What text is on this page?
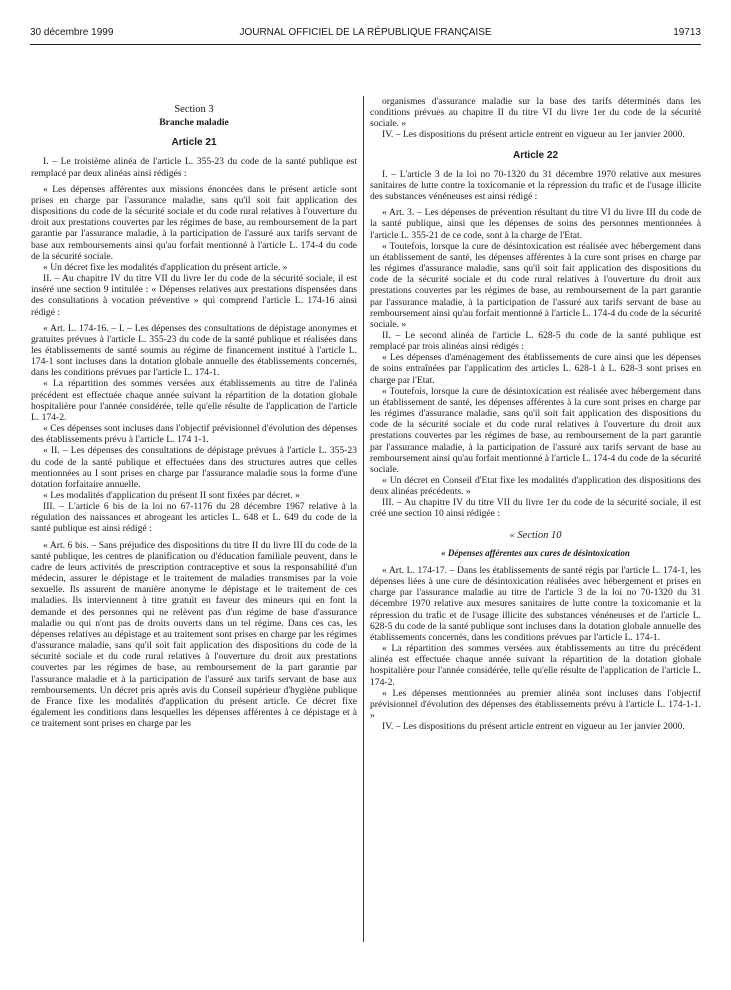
30 décembre 1999	JOURNAL OFFICIEL DE LA RÉPUBLIQUE FRANÇAISE	19713
Section 3
Branche maladie
Article 21

I. – Le troisième alinéa de l'article L. 355-23 du code de la santé publique est remplacé par deux alinéas ainsi rédigés :

« Les dépenses afférentes aux missions énoncées dans le présent article sont prises en charge par l'assurance maladie, sans qu'il soit fait application des dispositions du code de la sécurité sociale et du code rural relatives à l'ouverture du droit aux prestations couvertes par les régimes de base, au remboursement de la part garantie par l'assurance maladie, à la participation de l'assuré aux tarifs servant de base aux remboursements ainsi qu'au forfait mentionné à l'article L. 174-4 du code de la sécurité sociale.

« Un décret fixe les modalités d'application du présent article. »

II. – Au chapitre IV du titre VII du livre Ier du code de la sécurité sociale, il est inséré une section 9 intitulée : « Dépenses relatives aux prestations dispensées dans des consultations à vocation préventive » qui comprend l'article L. 174-16 ainsi rédigé :

« Art. L. 174-16. – I. – Les dépenses des consultations de dépistage anonymes et gratuites prévues à l'article L. 355-23 du code de la santé publique et réalisées dans les établissements de santé soumis au régime de financement institué à l'article L. 174-1 sont incluses dans la dotation globale annuelle des établissements concernés, dans les conditions prévues par l'article L. 174-1.

« La répartition des sommes versées aux établissements au titre de l'alinéa précédent est effectuée chaque année suivant la répartition de la dotation globale hospitalière pour l'année considérée, telle qu'elle résulte de l'application de l'article L. 174-2.

« Ces dépenses sont incluses dans l'objectif prévisionnel d'évolution des dépenses des établissements prévu à l'article L. 174 1-1.

« II. – Les dépenses des consultations de dépistage prévues à l'article L. 355-23 du code de la santé publique et effectuées dans des structures autres que celles mentionnées au I sont prises en charge par l'assurance maladie sous la forme d'une dotation forfaitaire annuelle.

« Les modalités d'application du présent II sont fixées par décret. »

III. – L'article 6 bis de la loi no 67-1176 du 28 décembre 1967 relative à la régulation des naissances et abrogeant les articles L. 648 et L. 649 du code de la santé publique est ainsi rédigé :

« Art. 6 bis. – Sans préjudice des dispositions du titre II du livre III du code de la santé publique, les centres de planification ou d'éducation familiale peuvent, dans le cadre de leurs activités de prescription contraceptive et sous la responsabilité d'un médecin, assurer le dépistage et le traitement de maladies transmises par la voie sexuelle. Ils assurent de manière anonyme le dépistage et le traitement de ces maladies. Ils interviennent à titre gratuit en faveur des mineurs qui en font la demande et des personnes qui ne relèvent pas d'un régime de base d'assurance maladie ou qui n'ont pas de droits ouverts dans un tel régime. Dans ces cas, les dépenses relatives au dépistage et au traitement sont prises en charge par les régimes d'assurance maladie, sans qu'il soit fait application des dispositions du code de la sécurité sociale et du code rural relatives à l'ouverture du droit aux prestations couvertes par les régimes de base, au remboursement de la part garantie par l'assurance maladie et à la participation de l'assuré aux tarifs servant de base aux remboursements. Un décret pris après avis du Conseil supérieur d'hygiène publique de France fixe les modalités d'application du présent article. Ce décret fixe également les conditions dans lesquelles les dépenses afférentes à ce dépistage et à ce traitement sont prises en charge par les

organismes d'assurance maladie sur la base des tarifs déterminés dans les conditions prévues au chapitre II du titre VI du livre 1er du code de la sécurité sociale. »

IV. – Les dispositions du présent article entrent en vigueur au 1er janvier 2000.

Article 22

I. – L'article 3 de la loi no 70-1320 du 31 décembre 1970 relative aux mesures sanitaires de lutte contre la toxicomanie et la répression du trafic et de l'usage illicite des substances vénéneuses est ainsi rédigé :

« Art. 3. – Les dépenses de prévention résultant du titre VI du livre III du code de la santé publique, ainsi que les dépenses de soins des personnes mentionnées à l'article L. 355-21 de ce code, sont à la charge de l'Etat.

« Toutefois, lorsque la cure de désintoxication est réalisée avec hébergement dans un établissement de santé, les dépenses afférentes à la cure sont prises en charge par les régimes d'assurance maladie, sans qu'il soit fait application des dispositions du code de la sécurité sociale et du code rural relatives à l'ouverture du droit aux prestations couvertes par les régimes de base, au remboursement de la part garantie par l'assurance maladie, à la participation de l'assuré aux tarifs servant de base au remboursement ainsi qu'au forfait mentionné à l'article L. 174-4 du code de la sécurité sociale. »

II. – Le second alinéa de l'article L. 628-5 du code de la santé publique est remplacé par trois alinéas ainsi rédigés :

« Les dépenses d'aménagement des établissements de cure ainsi que les dépenses de soins entraînées par l'application des articles L. 628-1 à L. 628-3 sont prises en charge par l'Etat.

« Toutefois, lorsque la cure de désintoxication est réalisée avec hébergement dans un établissement de santé, les dépenses afférentes à la cure sont prises en charge par les régimes d'assurance maladie, sans qu'il soit fait application des dispositions du code de la sécurité sociale et du code rural relatives à l'ouverture du droit aux prestations couvertes par les régimes de base, au remboursement de la part garantie par l'assurance maladie, à la participation de l'assuré aux tarifs servant de base au remboursement ainsi qu'au forfait mentionné à l'article L. 174-4 du code de la sécurité sociale.

« Un décret en Conseil d'Etat fixe les modalités d'application des dispositions des deux alinéas précédents. »

III. – Au chapitre IV du titre VII du livre 1er du code de la sécurité sociale, il est créé une section 10 ainsi rédigée :

« Section 10
« Dépenses afférentes aux cures de désintoxication

« Art. L. 174-17. – Dans les établissements de santé régis par l'article L. 174-1, les dépenses liées à une cure de désintoxication réalisées avec hébergement et prises en charge par l'assurance maladie au titre de l'article 3 de la loi no 70-1320 du 31 décembre 1970 relative aux mesures sanitaires de lutte contre la toxicomanie et la répression du trafic et de l'usage illicite des substances vénéneuses et de l'article L. 628-5 du code de la santé publique sont incluses dans la dotation globale annuelle des établissements concernés, dans les conditions prévues par l'article L. 174-1.

« La répartition des sommes versées aux établissements au titre du précédent alinéa est effectuée chaque année suivant la répartition de la dotation globale hospitalière pour l'année considérée, telle qu'elle résulte de l'application de l'article L. 174-2.

« Les dépenses mentionnées au premier alinéa sont incluses dans l'objectif prévisionnel d'évolution des dépenses des établissements prévu à l'article L. 174-1-1. »

IV. – Les dispositions du présent article entrent en vigueur au 1er janvier 2000.
